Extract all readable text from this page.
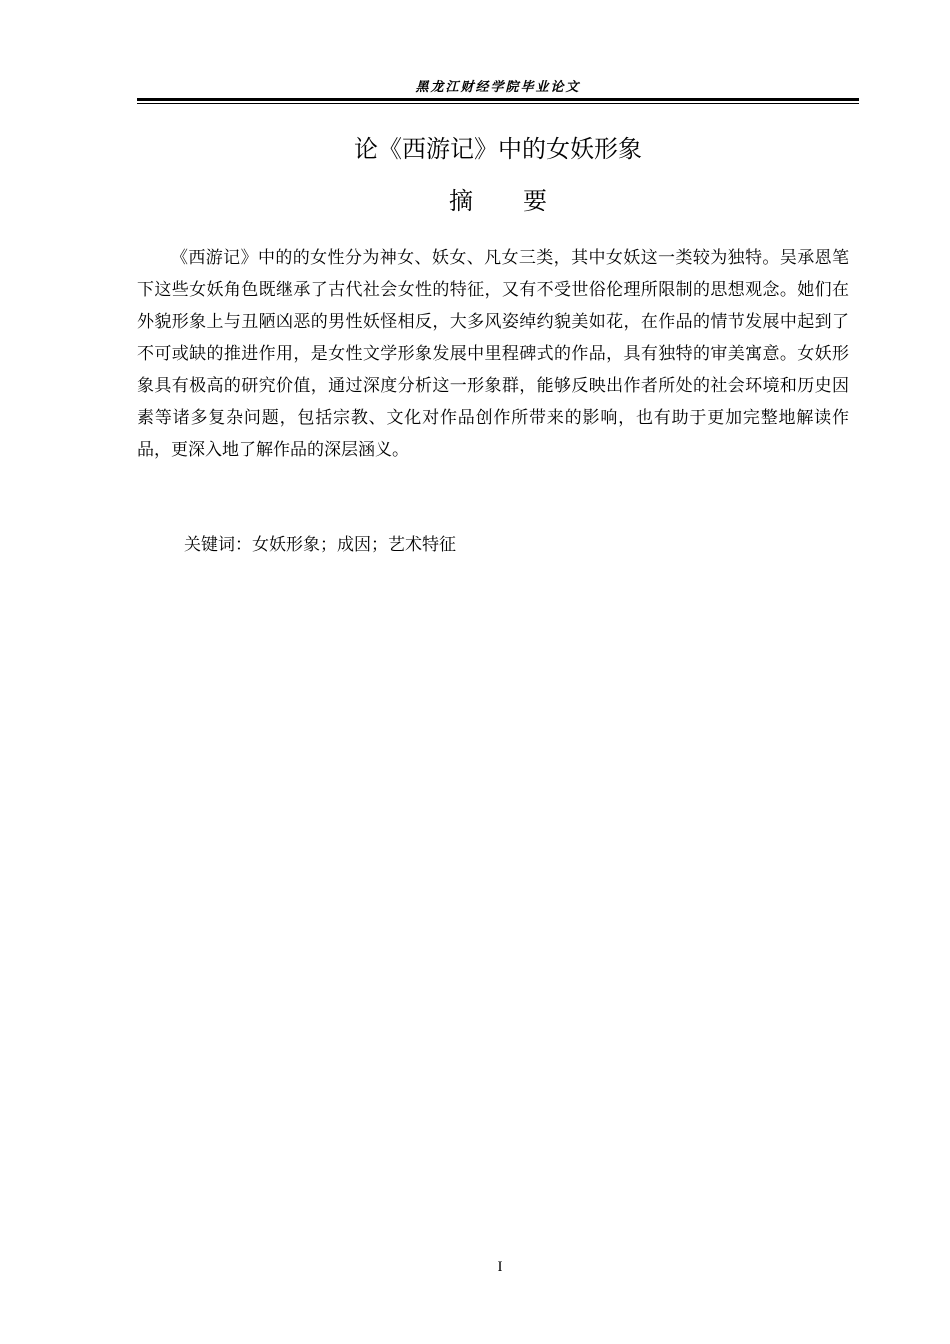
黑龙江财经学院毕业论文
论《西游记》中的女妖形象
摘要

《西游记》中的的女性分为神女、妖女、凡女三类，其中女妖这一类较为独特。吴承恩笔下这些女妖角色既继承了古代社会女性的特征，又有不受世俗伦理所限制的思想观念。她们在外貌形象上与丑陋凶恶的男性妖怪相反，大多风姿绰约貌美如花，在作品的情节发展中起到了不可或缺的推进作用，是女性文学形象发展中里程碑式的作品，具有独特的审美寓意。女妖形象具有极高的研究价值，通过深度分析这一形象群，能够反映出作者所处的社会环境和历史因素等诸多复杂问题，包括宗教、文化对作品创作所带来的影响，也有助于更加完整地解读作品，更深入地了解作品的深层涵义。

关键词：女妖形象；成因；艺术特征
I
